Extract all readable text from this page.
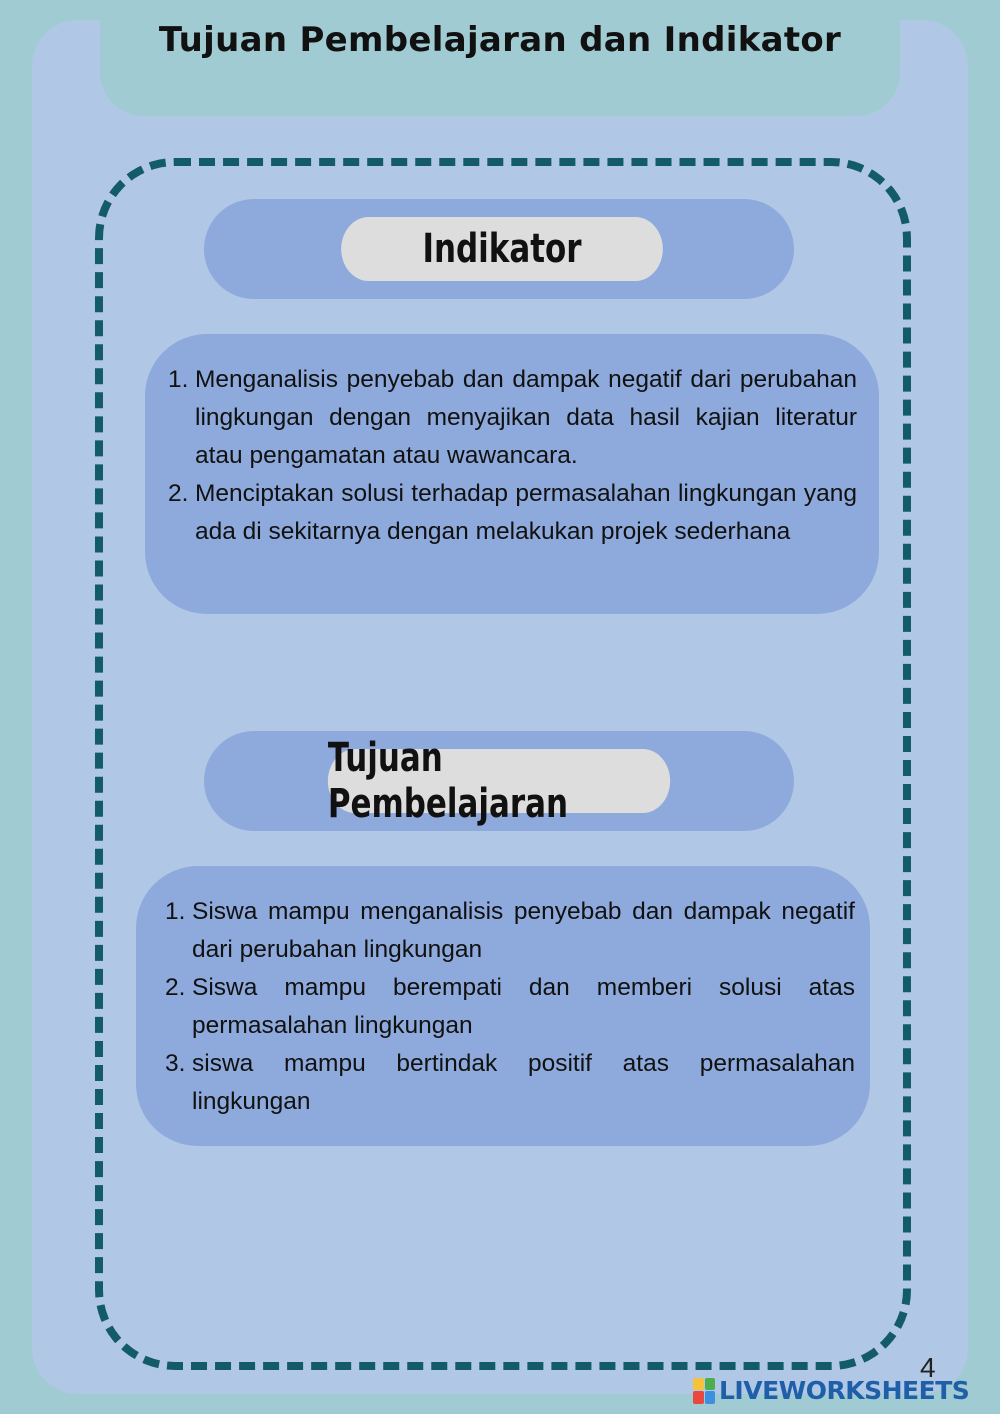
Tujuan Pembelajaran dan Indikator
Indikator
1. Menganalisis penyebab dan dampak negatif dari perubahan lingkungan dengan menyajikan data hasil kajian literatur atau pengamatan atau wawancara.
2. Menciptakan solusi terhadap permasalahan lingkungan yang ada di sekitarnya dengan melakukan projek sederhana
Tujuan Pembelajaran
1. Siswa mampu menganalisis penyebab dan dampak negatif dari perubahan lingkungan
2. Siswa mampu berempati dan memberi solusi atas permasalahan lingkungan
3. siswa mampu bertindak positif atas permasalahan lingkungan
4
LIVEWORKSHEETS
